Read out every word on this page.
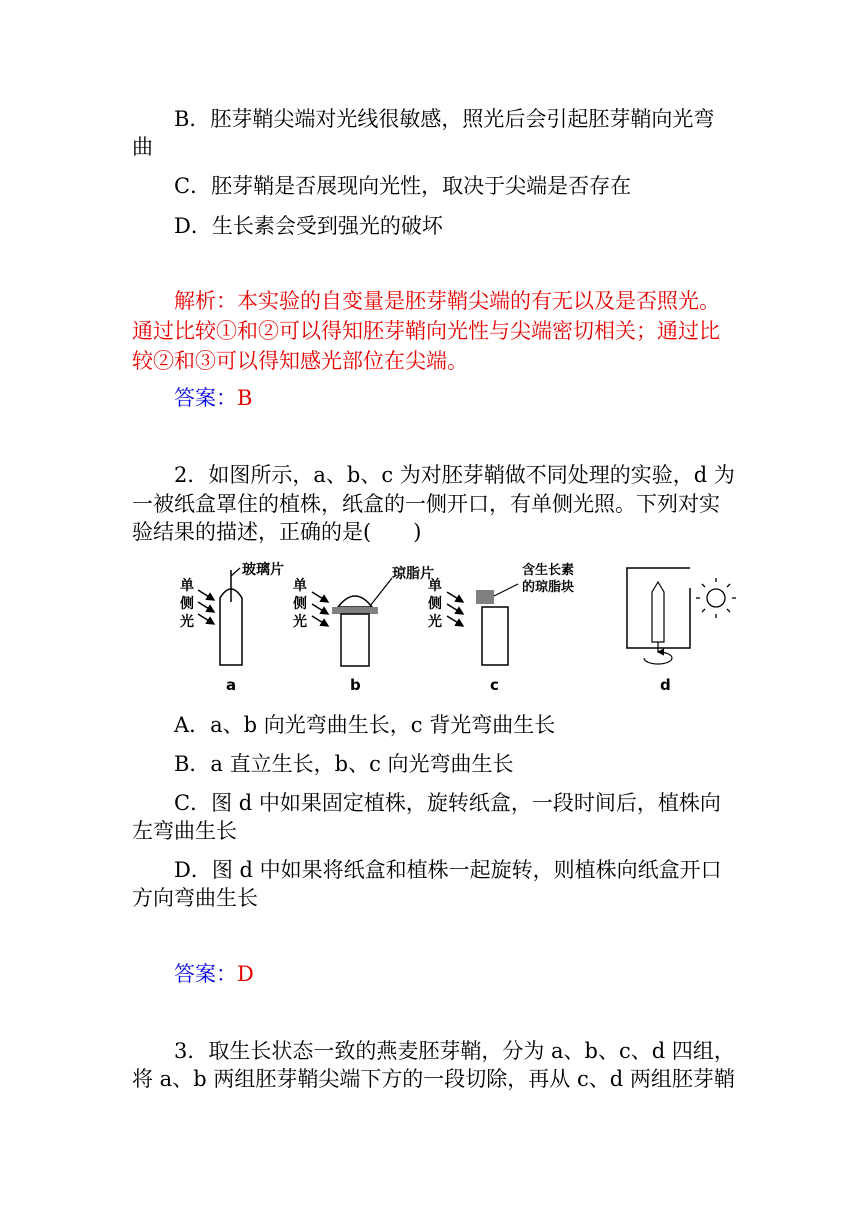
B．胚芽鞘尖端对光线很敏感，照光后会引起胚芽鞘向光弯
曲
C．胚芽鞘是否展现向光性，取决于尖端是否存在
D．生长素会受到强光的破坏
解析：本实验的自变量是胚芽鞘尖端的有无以及是否照光。
通过比较①和②可以得知胚芽鞘向光性与尖端密切相关；通过比
较②和③可以得知感光部位在尖端。
答案：B
2．如图所示，a、b、c 为对胚芽鞘做不同处理的实验，d 为
一被纸盒罩住的植株，纸盒的一侧开口，有单侧光照。下列对实
验结果的描述，正确的是(　　)
单
侧
光
玻璃片
a
单
侧
光
琼脂片
b
单
侧
光
含生长素
的琼脂块
c	d
A．a、b 向光弯曲生长，c 背光弯曲生长
B．a 直立生长，b、c 向光弯曲生长
C．图 d 中如果固定植株，旋转纸盒，一段时间后，植株向
左弯曲生长
D．图 d 中如果将纸盒和植株一起旋转，则植株向纸盒开口
方向弯曲生长
答案：D
3．取生长状态一致的燕麦胚芽鞘，分为 a、b、c、d 四组，
将 a、b 两组胚芽鞘尖端下方的一段切除，再从 c、d 两组胚芽鞘
